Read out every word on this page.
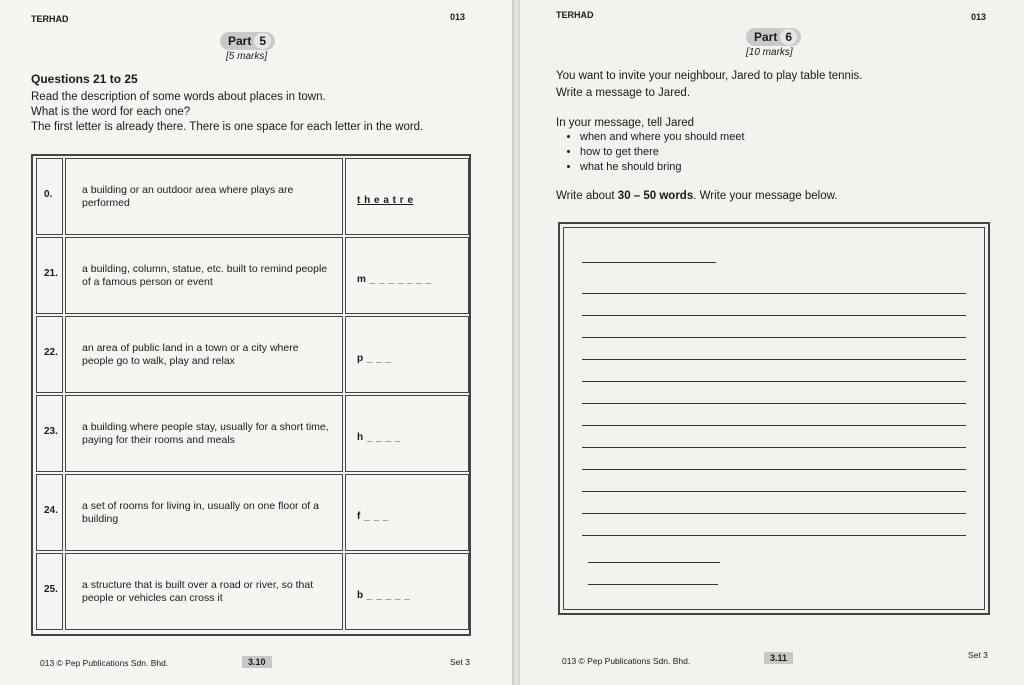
TERHAD	013
Part 5
[5 marks]
Questions 21 to 25
Read the description of some words about places in town.
What is the word for each one?
The first letter is already there. There is one space for each letter in the word.
0.	a building or an outdoor area where plays are performed	t h e a t r e
21.	a building, column, statue, etc. built to remind people of a famous person or event	m _ _ _ _ _ _ _
22.	an area of public land in a town or a city where people go to walk, play and relax	p _ _ _
23.	a building where people stay, usually for a short time, paying for their rooms and meals	h _ _ _ _
24.	a set of rooms for living in, usually on one floor of a building	f _ _ _
25.	a structure that is built over a road or river, so that people or vehicles can cross it	b _ _ _ _ _
013 © Pep Publications Sdn. Bhd.	3.10	Set 3
TERHAD	013
Part 6
[10 marks]
You want to invite your neighbour, Jared to play table tennis.
Write a message to Jared.
In your message, tell Jared
• when and where you should meet
• how to get there
• what he should bring
Write about 30 – 50 words. Write your message below.
013 © Pep Publications Sdn. Bhd.	3.11	Set 3
